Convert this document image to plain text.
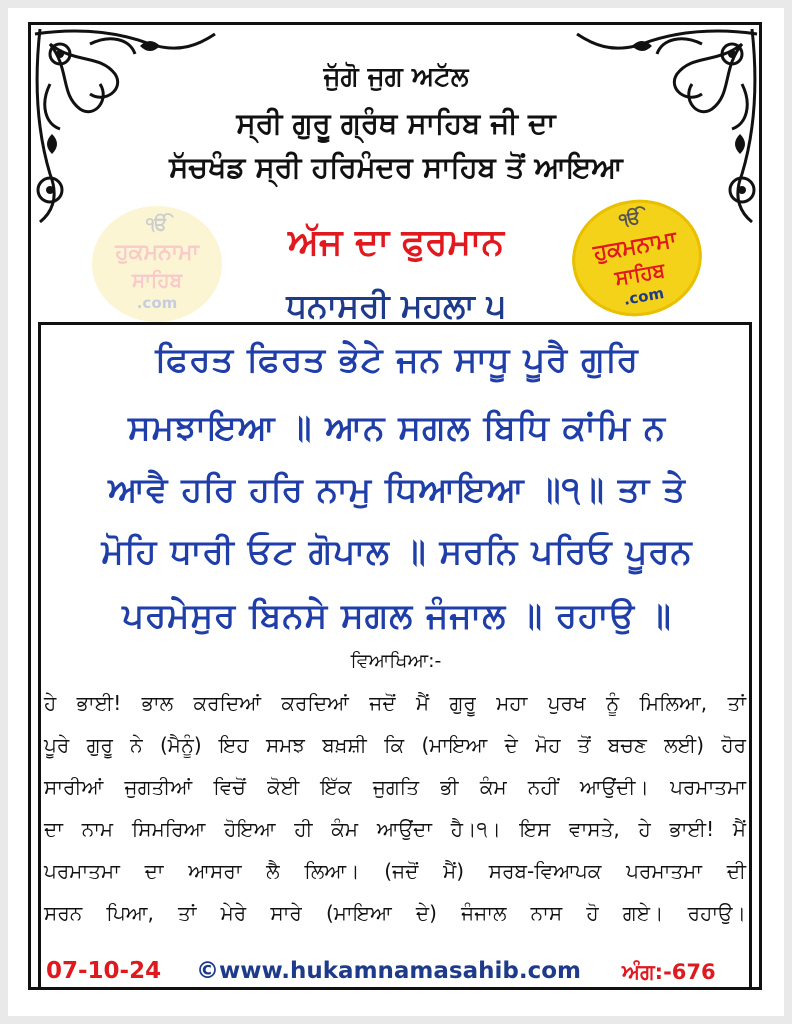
ੴ
ਹੁਕਮਨਾਮਾ
ਸਾਹਿਬ
.com
ੴ
ਹੁਕਮਨਾਮਾ
ਸਾਹਿਬ
.com
ਜੁੱਗੋ ਜੁਗ ਅਟੱਲ
ਸ੍ਰੀ ਗੁਰੂ ਗ੍ਰੰਥ ਸਾਹਿਬ ਜੀ ਦਾ
ਸੱਚਖੰਡ ਸ੍ਰੀ ਹਰਿਮੰਦਰ ਸਾਹਿਬ ਤੋਂ ਆਇਆ
ਅੱਜ ਦਾ ਫੁਰਮਾਨ
ਧਨਾਸਰੀ ਮਹਲਾ ੫
ਫਿਰਤ ਫਿਰਤ ਭੇਟੇ ਜਨ ਸਾਧੂ ਪੂਰੈ ਗੁਰਿ
ਸਮਝਾਇਆ ॥ ਆਨ ਸਗਲ ਬਿਧਿ ਕਾਂਮਿ ਨ
ਆਵੈ ਹਰਿ ਹਰਿ ਨਾਮੁ ਧਿਆਇਆ ॥੧॥ ਤਾ ਤੇ
ਮੋਹਿ ਧਾਰੀ ਓਟ ਗੋਪਾਲ ॥ ਸਰਨਿ ਪਰਿਓ ਪੂਰਨ
ਪਰਮੇਸੁਰ ਬਿਨਸੇ ਸਗਲ ਜੰਜਾਲ ॥ ਰਹਾਉ ॥
ਵਿਆਖਿਆ:-
ਹੇ ਭਾਈ! ਭਾਲ ਕਰਦਿਆਂ ਕਰਦਿਆਂ ਜਦੋਂ ਮੈਂ ਗੁਰੂ ਮਹਾ ਪੁਰਖ ਨੂੰ ਮਿਲਿਆ, ਤਾਂ
ਪੂਰੇ ਗੁਰੂ ਨੇ (ਮੈਨੂੰ) ਇਹ ਸਮਝ ਬਖ਼ਸ਼ੀ ਕਿ (ਮਾਇਆ ਦੇ ਮੋਹ ਤੋਂ ਬਚਣ ਲਈ) ਹੋਰ
ਸਾਰੀਆਂ ਜੁਗਤੀਆਂ ਵਿਚੋਂ ਕੋਈ ਇੱਕ ਜੁਗਤਿ ਭੀ ਕੰਮ ਨਹੀਂ ਆਉਂਦੀ। ਪਰਮਾਤਮਾ
ਦਾ ਨਾਮ ਸਿਮਰਿਆ ਹੋਇਆ ਹੀ ਕੰਮ ਆਉਂਦਾ ਹੈ।੧। ਇਸ ਵਾਸਤੇ, ਹੇ ਭਾਈ! ਮੈਂ
ਪਰਮਾਤਮਾ ਦਾ ਆਸਰਾ ਲੈ ਲਿਆ। (ਜਦੋਂ ਮੈਂ) ਸਰਬ-ਵਿਆਪਕ ਪਰਮਾਤਮਾ ਦੀ
ਸਰਨ ਪਿਆ, ਤਾਂ ਮੇਰੇ ਸਾਰੇ (ਮਾਇਆ ਦੇ) ਜੰਜਾਲ ਨਾਸ ਹੋ ਗਏ। ਰਹਾਉ।
07-10-24 ©www.hukamnamasahib.com ਅੰਗ:-676
